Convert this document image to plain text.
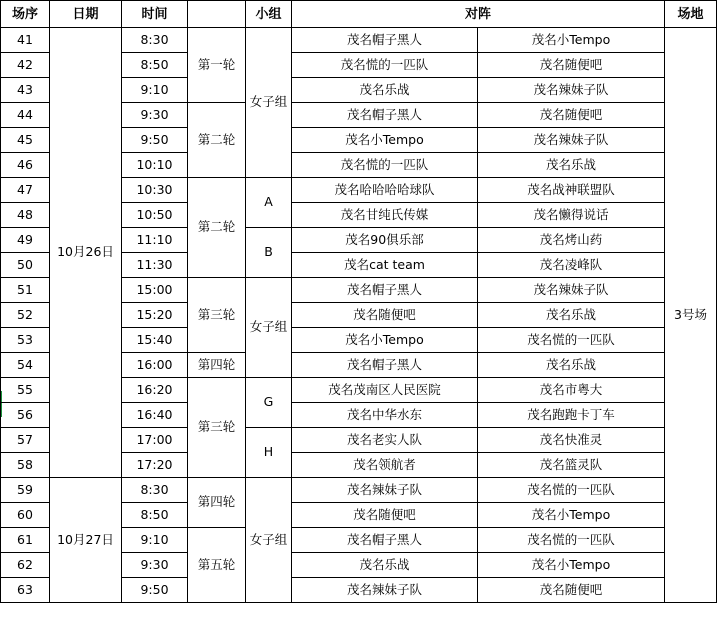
场序	日期	时间		小组	对阵		场地
41	10月26日	8:30	第一轮	女子组	茂名帽子黑人	茂名小Tempo	3号场
42		8:50			茂名慌的一匹队	茂名随便吧	
43		9:10			茂名乐战	茂名辣妹子队	
44		9:30	第二轮		茂名帽子黑人	茂名随便吧	
45		9:50			茂名小Tempo	茂名辣妹子队	
46		10:10			茂名慌的一匹队	茂名乐战	
47		10:30	第二轮	A	茂名哈哈哈哈球队	茂名战神联盟队	
48		10:50			茂名甘纯氏传媒	茂名懒得说话	
49		11:10		B	茂名90俱乐部	茂名烤山药	
50		11:30			茂名cat team	茂名凌峰队	
51		15:00	第三轮	女子组	茂名帽子黑人	茂名辣妹子队	
52		15:20			茂名随便吧	茂名乐战	
53		15:40			茂名小Tempo	茂名慌的一匹队	
54		16:00	第四轮		茂名帽子黑人	茂名乐战	
55		16:20	第三轮	G	茂名茂南区人民医院	茂名市粤大	
56		16:40			茂名中华水东	茂名跑跑卡丁车	
57		17:00		H	茂名老实人队	茂名快准灵	
58		17:20			茂名领航者	茂名篮灵队	
59	10月27日	8:30	第四轮	女子组	茂名辣妹子队	茂名慌的一匹队	
60		8:50			茂名随便吧	茂名小Tempo	
61		9:10	第五轮		茂名帽子黑人	茂名慌的一匹队	
62		9:30			茂名乐战	茂名小Tempo	
63		9:50			茂名辣妹子队	茂名随便吧	
